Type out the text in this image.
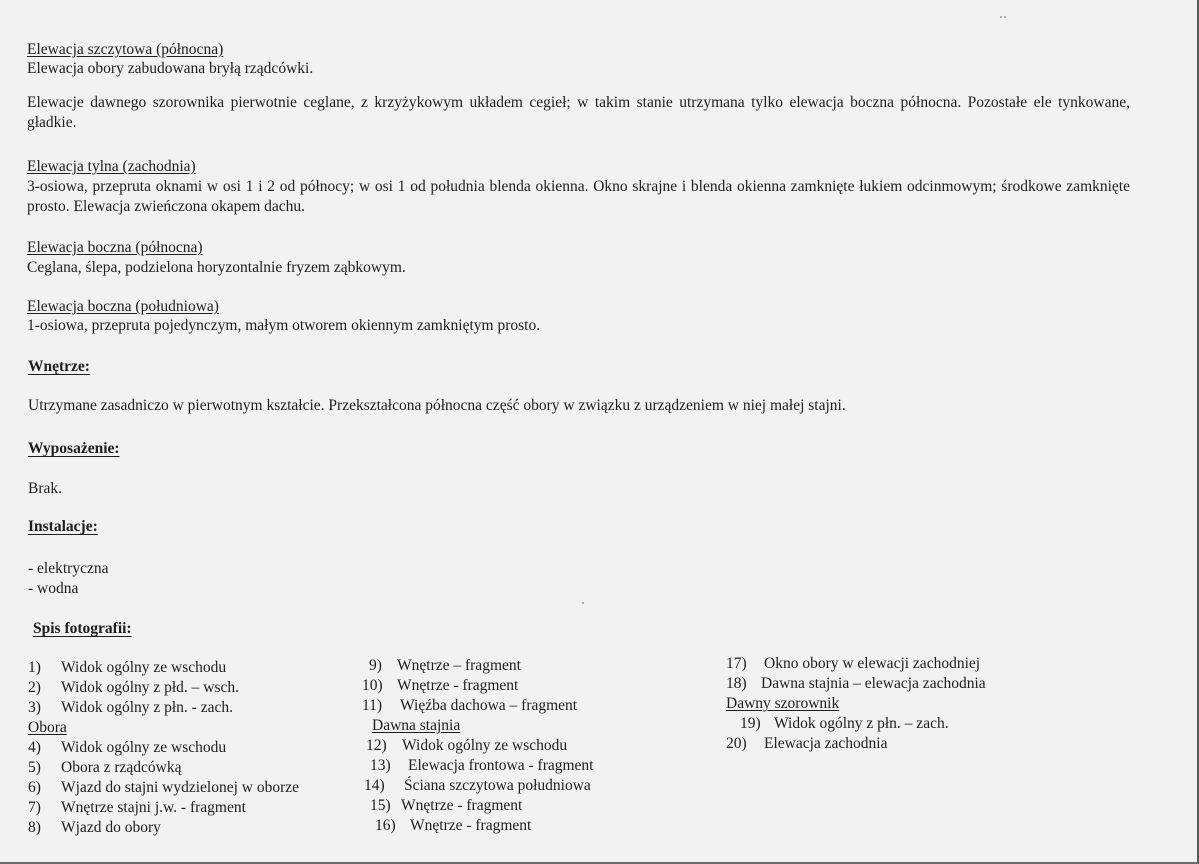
Elewacja szczytowa (północna)
Elewacja obory zabudowana bryłą rządcówki.
Elewacje dawnego szorownika pierwotnie ceglane, z krzyżykowym układem cegieł; w takim stanie utrzymana tylko elewacja boczna północna. Pozostałe ele tynkowane, gładkie.
Elewacja tylna (zachodnia)
3-osiowa, przepruta oknami w osi 1 i 2 od północy; w osi 1 od południa blenda okienna. Okno skrajne i blenda okienna zamknięte łukiem odcinmowym; środkowe zamknięte prosto. Elewacja zwieńczona okapem dachu.
Elewacja boczna (północna)
Ceglana, ślepa, podzielona horyzontalnie fryzem ząbkowym.
Elewacja boczna (południowa)
1-osiowa, przepruta pojedynczym, małym otworem okiennym zamkniętym prosto.
Wnętrze:
Utrzymane zasadniczo w pierwotnym kształcie. Przekształcona północna część obory w związku z urządzeniem w niej małej stajni.
Wyposażenie:
Brak.
Instalacje:
- elektryczna
- wodna
Spis fotografii:
1) Widok ogólny ze wschodu
2) Widok ogólny z płd. – wsch.
3) Widok ogólny z płn. - zach.
Obora
4) Widok ogólny ze wschodu
5) Obora z rządcówką
6) Wjazd do stajni wydzielonej w oborze
7) Wnętrze stajni j.w. - fragment
8) Wjazd do obory
9) Wnętrze – fragment
10) Wnętrze - fragment
11) Więźba dachowa – fragment
Dawna stajnia
12) Widok ogólny ze wschodu
13) Elewacja frontowa - fragment
14) Ściana szczytowa południowa
15) Wnętrze - fragment
16) Wnętrze - fragment
17) Okno obory w elewacji zachodniej
18) Dawna stajnia – elewacja zachodnia
Dawny szorownik
19) Widok ogólny z płn. – zach.
20) Elewacja zachodnia
